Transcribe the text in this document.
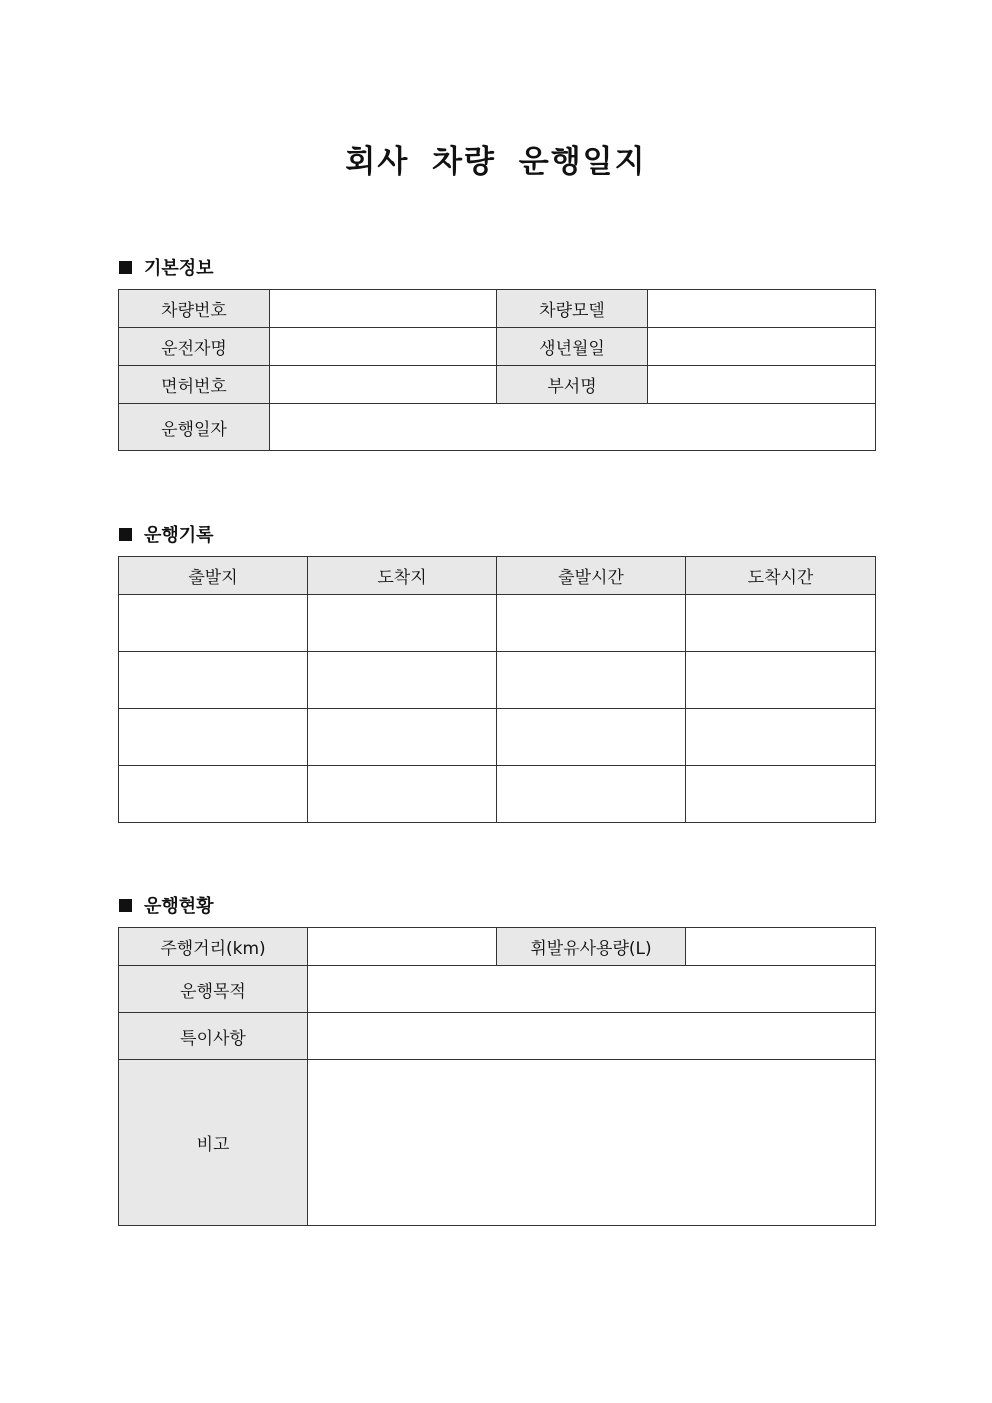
회사 차량 운행일지
기본정보
차량번호		차량모델	
운전자명		생년월일	
면허번호		부서명	
운행일자			
운행기록
출발지	도착지	출발시간	도착시간

운행현황
주행거리(km)		휘발유사용량(L)	
운행목적			
특이사항			
비고			
